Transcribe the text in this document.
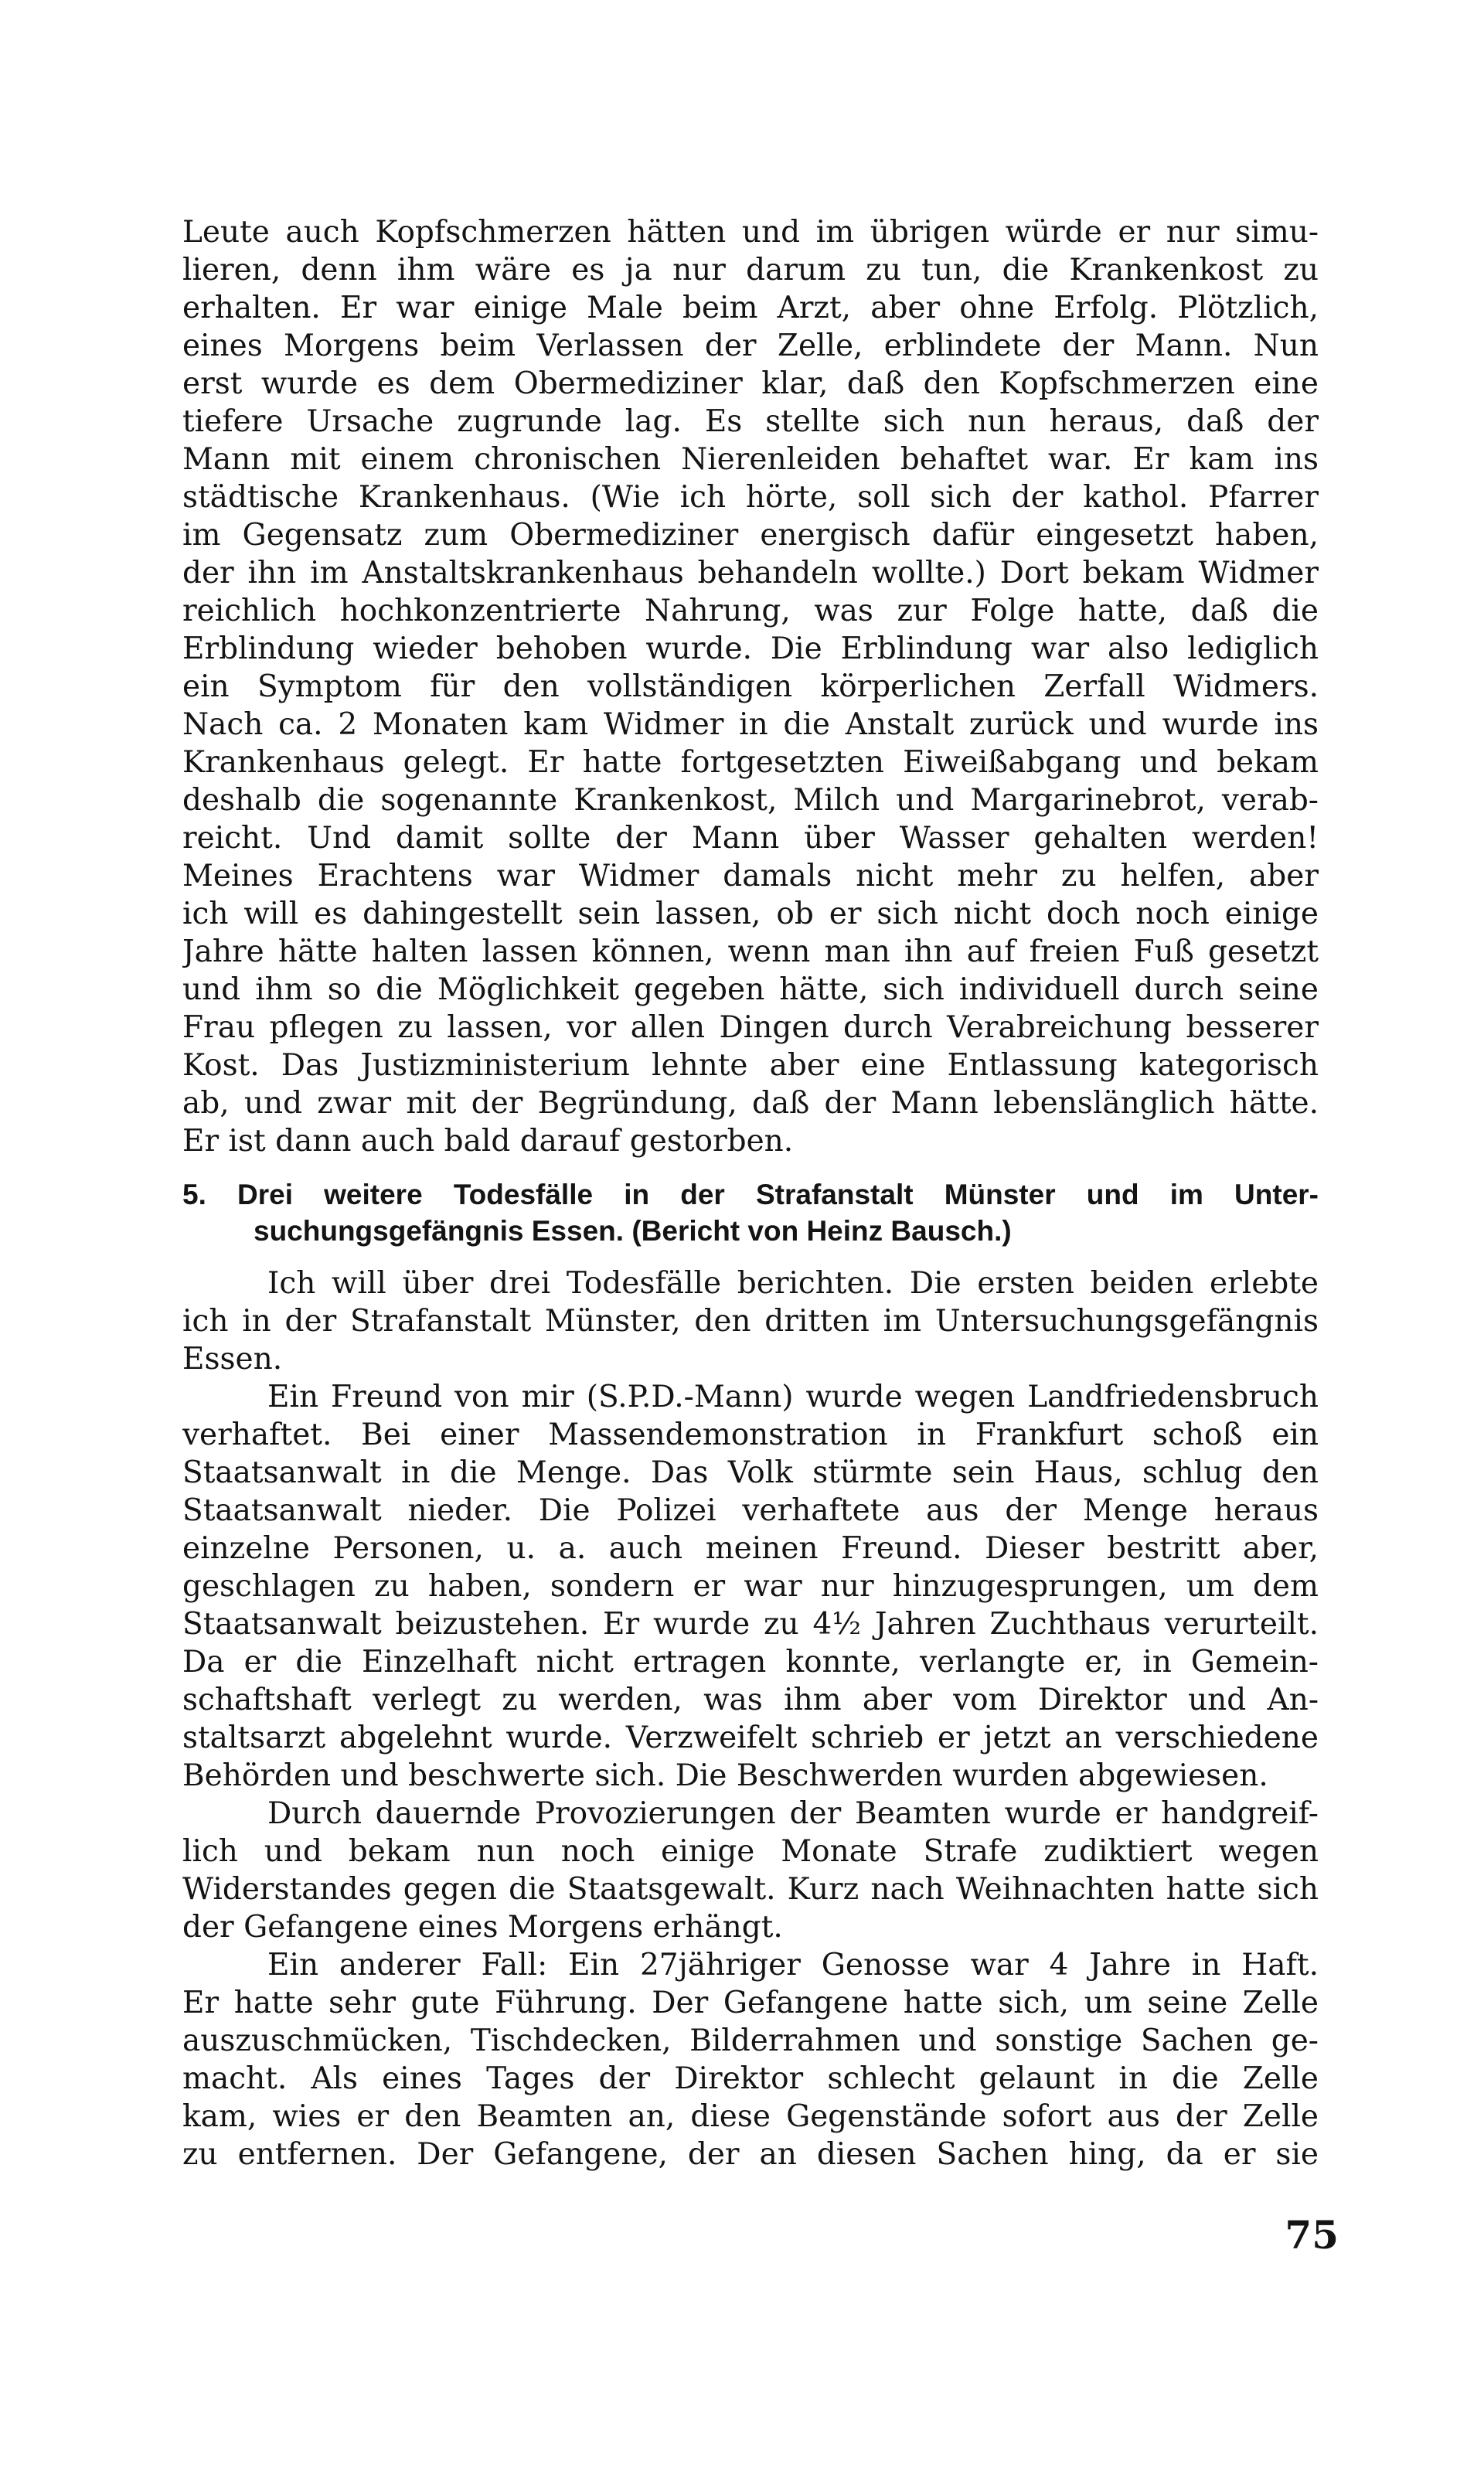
Leute auch Kopfschmerzen hätten und im übrigen würde er nur simu-
lieren, denn ihm wäre es ja nur darum zu tun, die Krankenkost zu
erhalten. Er war einige Male beim Arzt, aber ohne Erfolg. Plötzlich,
eines Morgens beim Verlassen der Zelle, erblindete der Mann. Nun
erst wurde es dem Obermediziner klar, daß den Kopfschmerzen eine
tiefere Ursache zugrunde lag. Es stellte sich nun heraus, daß der
Mann mit einem chronischen Nierenleiden behaftet war. Er kam ins
städtische Krankenhaus. (Wie ich hörte, soll sich der kathol. Pfarrer
im Gegensatz zum Obermediziner energisch dafür eingesetzt haben,
der ihn im Anstaltskrankenhaus behandeln wollte.) Dort bekam Widmer
reichlich hochkonzentrierte Nahrung, was zur Folge hatte, daß die
Erblindung wieder behoben wurde. Die Erblindung war also lediglich
ein Symptom für den vollständigen körperlichen Zerfall Widmers.
Nach ca. 2 Monaten kam Widmer in die Anstalt zurück und wurde ins
Krankenhaus gelegt. Er hatte fortgesetzten Eiweißabgang und bekam
deshalb die sogenannte Krankenkost, Milch und Margarinebrot, verab-
reicht. Und damit sollte der Mann über Wasser gehalten werden!
Meines Erachtens war Widmer damals nicht mehr zu helfen, aber
ich will es dahingestellt sein lassen, ob er sich nicht doch noch einige
Jahre hätte halten lassen können, wenn man ihn auf freien Fuß gesetzt
und ihm so die Möglichkeit gegeben hätte, sich individuell durch seine
Frau pflegen zu lassen, vor allen Dingen durch Verabreichung besserer
Kost. Das Justizministerium lehnte aber eine Entlassung kategorisch
ab, und zwar mit der Begründung, daß der Mann lebenslänglich hätte.
Er ist dann auch bald darauf gestorben.
5. Drei weitere Todesfälle in der Strafanstalt Münster und im Unter-
suchungsgefängnis Essen. (Bericht von Heinz Bausch.)
Ich will über drei Todesfälle berichten. Die ersten beiden erlebte
ich in der Strafanstalt Münster, den dritten im Untersuchungsgefängnis
Essen.
Ein Freund von mir (S.P.D.-Mann) wurde wegen Landfriedensbruch
verhaftet. Bei einer Massendemonstration in Frankfurt schoß ein
Staatsanwalt in die Menge. Das Volk stürmte sein Haus, schlug den
Staatsanwalt nieder. Die Polizei verhaftete aus der Menge heraus
einzelne Personen, u. a. auch meinen Freund. Dieser bestritt aber,
geschlagen zu haben, sondern er war nur hinzugesprungen, um dem
Staatsanwalt beizustehen. Er wurde zu 4½ Jahren Zuchthaus verurteilt.
Da er die Einzelhaft nicht ertragen konnte, verlangte er, in Gemein-
schaftshaft verlegt zu werden, was ihm aber vom Direktor und An-
staltsarzt abgelehnt wurde. Verzweifelt schrieb er jetzt an verschiedene
Behörden und beschwerte sich. Die Beschwerden wurden abgewiesen.
Durch dauernde Provozierungen der Beamten wurde er handgreif-
lich und bekam nun noch einige Monate Strafe zudiktiert wegen
Widerstandes gegen die Staatsgewalt. Kurz nach Weihnachten hatte sich
der Gefangene eines Morgens erhängt.
Ein anderer Fall: Ein 27jähriger Genosse war 4 Jahre in Haft.
Er hatte sehr gute Führung. Der Gefangene hatte sich, um seine Zelle
auszuschmücken, Tischdecken, Bilderrahmen und sonstige Sachen ge-
macht. Als eines Tages der Direktor schlecht gelaunt in die Zelle
kam, wies er den Beamten an, diese Gegenstände sofort aus der Zelle
zu entfernen. Der Gefangene, der an diesen Sachen hing, da er sie
75
